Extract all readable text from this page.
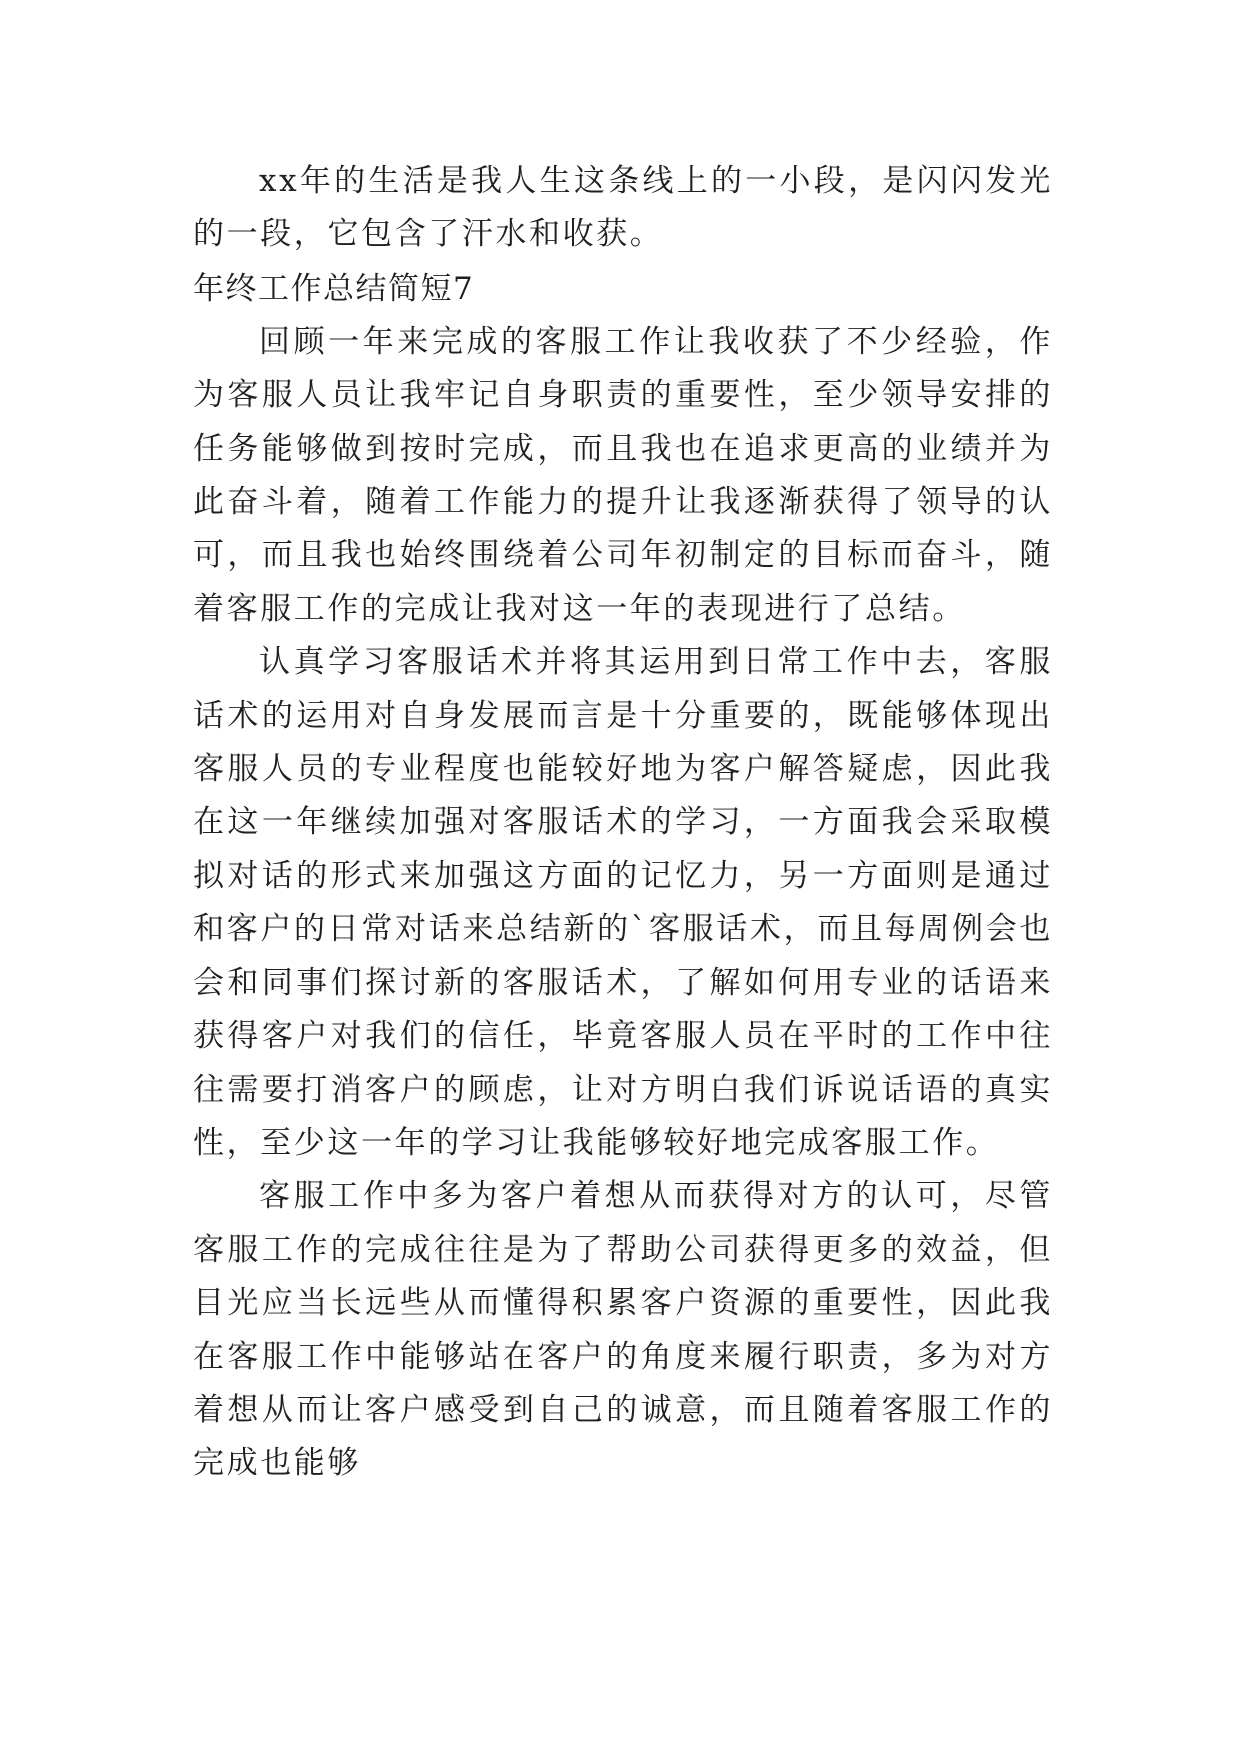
xx年的生活是我人生这条线上的一小段，是闪闪发光的一段，它包含了汗水和收获。

年终工作总结简短7

回顾一年来完成的客服工作让我收获了不少经验，作为客服人员让我牢记自身职责的重要性，至少领导安排的任务能够做到按时完成，而且我也在追求更高的业绩并为此奋斗着，随着工作能力的提升让我逐渐获得了领导的认可，而且我也始终围绕着公司年初制定的目标而奋斗，随着客服工作的完成让我对这一年的表现进行了总结。

认真学习客服话术并将其运用到日常工作中去，客服话术的运用对自身发展而言是十分重要的，既能够体现出客服人员的专业程度也能较好地为客户解答疑虑，因此我在这一年继续加强对客服话术的学习，一方面我会采取模拟对话的形式来加强这方面的记忆力，另一方面则是通过和客户的日常对话来总结新的`客服话术，而且每周例会也会和同事们探讨新的客服话术，了解如何用专业的话语来获得客户对我们的信任，毕竟客服人员在平时的工作中往往需要打消客户的顾虑，让对方明白我们诉说话语的真实性，至少这一年的学习让我能够较好地完成客服工作。

客服工作中多为客户着想从而获得对方的认可，尽管客服工作的完成往往是为了帮助公司获得更多的效益，但目光应当长远些从而懂得积累客户资源的重要性，因此我在客服工作中能够站在客户的角度来履行职责，多为对方着想从而让客户感受到自己的诚意，而且随着客服工作的完成也能够
